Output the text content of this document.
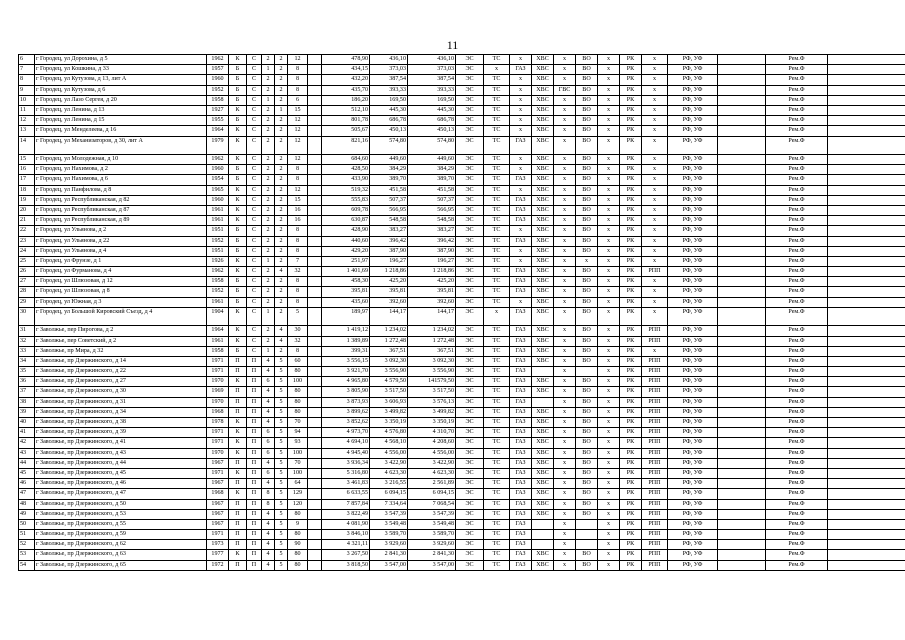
11
6	г Городец, ул Дорохина, д 5	1962	К	С	2	2	12		478,90	436,10	436,10	ЭС	ТС	х	ХВС	х	ВО	х	РК	х	РФ, УФ		Рем.Ф	
7	г Городец, ул Кошкина, д 33	1957	Б	С	1	2	8		434,15	373,03	373,03	ЭС	х	ГАЗ	ХВС	х	ВО	х	РК	х	РФ, УФ		Рем.Ф	
8	г Городец, ул Кутузова, д 13, лит А	1960	Б	С	2	2	8		432,20	387,54	387,54	ЭС	ТС	х	ХВС	х	ВО	х	РК	х	РФ, УФ		Рем.Ф	
9	г Городец, ул Кутузова, д 6	1952	Б	С	2	2	8		435,70	393,33	393,33	ЭС	ТС	х	ХВС	ГВС	ВО	х	РК	х	РФ, УФ		Рем.Ф	
10	г Городец, ул Лазо Сергея, д 20	1958	Б	С	1	2	6		186,20	169,50	169,50	ЭС	ТС	х	ХВС	х	ВО	х	РК	х	РФ, УФ		Рем.Ф	
11	г Городец, ул Ленина, д 13	1927	К	С	2	1	15		512,10	445,30	445,30	ЭС	ТС	х	ХВС	х	ВО	х	РК	х	РФ, УФ		Рем.Ф	
12	г Городец, ул Ленина, д 15	1955	Б	С	2	2	12		801,78	686,78	686,78	ЭС	ТС	х	ХВС	х	ВО	х	РК	х	РФ, УФ		Рем.Ф	
13	г Городец, ул Менделеева, д 16	1964	К	С	2	2	12		505,67	450,13	450,13	ЭС	ТС	х	ХВС	х	ВО	х	РК	х	РФ, УФ		Рем.Ф	
14	г Городец, ул Механизаторов, д 30, лит А	1979	К	С	2	2	12		821,16	574,80	574,80	ЭС	ТС	ГАЗ	ХВС	х	ВО	х	РК	х	РФ, УФ		Рем.Ф	
15	г Городец, ул Молодежная, д 10	1962	К	С	2	2	12		684,60	449,60	449,60	ЭС	ТС	х	ХВС	х	ВО	х	РК	х	РФ, УФ		Рем.Ф	
16	г Городец, ул Нахимова, д 2	1960	Б	С	2	2	8		428,50	384,29	384,29	ЭС	ТС	х	ХВС	х	ВО	х	РК	х	РФ, УФ		Рем.Ф	
17	г Городец, ул Нахимова, д 6	1954	Б	С	2	2	8		433,90	389,70	389,70	ЭС	ТС	ГАЗ	ХВС	х	ВО	х	РК	х	РФ, УФ		Рем.Ф	
18	г Городец, ул Панфилова, д 8	1965	К	С	2	2	12		519,32	451,58	451,58	ЭС	ТС	х	ХВС	х	ВО	х	РК	х	РФ, УФ		Рем.Ф	
19	г Городец, ул Республиканская, д 82	1960	К	С	2	2	15		555,83	507,37	507,37	ЭС	ТС	ГАЗ	ХВС	х	ВО	х	РК	х	РФ, УФ		Рем.Ф	
20	г Городец, ул Республиканская, д 87	1961	К	С	2	2	16		609,78	566,95	566,95	ЭС	ТС	ГАЗ	ХВС	х	ВО	х	РК	х	РФ, УФ		Рем.Ф	
21	г Городец, ул Республиканская, д 89	1961	К	С	2	2	16		630,87	548,58	548,58	ЭС	ТС	ГАЗ	ХВС	х	ВО	х	РК	х	РФ, УФ		Рем.Ф	
22	г Городец, ул Ульянова, д 2	1951	Б	С	2	2	8		428,90	383,27	383,27	ЭС	ТС	х	ХВС	х	ВО	х	РК	х	РФ, УФ		Рем.Ф	
23	г Городец, ул Ульянова, д 22	1952	Б	С	2	2	8		440,60	396,42	396,42	ЭС	ТС	ГАЗ	ХВС	х	ВО	х	РК	х	РФ, УФ		Рем.Ф	
24	г Городец, ул Ульянова, д 4	1951	Б	С	2	2	8		429,20	387,90	387,90	ЭС	ТС	х	ХВС	х	ВО	х	РК	х	РФ, УФ		Рем.Ф	
25	г Городец, ул Фрунзе, д 1	1926	К	С	1	2	7		251,97	196,27	196,27	ЭС	ТС	х	ХВС	х	х	х	РК	х	РФ, УФ		Рем.Ф	
26	г Городец, ул Фурманова, д 4	1962	К	С	2	4	32		1 401,69	1 218,86	1 218,86	ЭС	ТС	ГАЗ	ХВС	х	ВО	х	РК	РПП	РФ, УФ		Рем.Ф	
27	г Городец, ул Шлюзовая, д 12	1958	Б	С	2	2	8		458,30	425,20	425,20	ЭС	ТС	ГАЗ	ХВС	х	ВО	х	РК	х	РФ, УФ		Рем.Ф	
28	г Городец, ул Шлюзовая, д 8	1952	Б	С	2	2	8		395,81	395,81	395,81	ЭС	ТС	ГАЗ	ХВС	х	ВО	х	РК	х	РФ, УФ		Рем.Ф	
29	г Городец, ул Южная, д 3	1961	Б	С	2	2	8		435,60	392,60	392,60	ЭС	ТС	х	ХВС	х	ВО	х	РК	х	РФ, УФ		Рем.Ф	
30	г Городец, ул Большой Кировский Съезд, д 4	1904	К	С	1	2	5		189,97	144,17	144,17	ЭС	х	ГАЗ	ХВС	х	ВО	х	РК	х	РФ, УФ		Рем.Ф	
31	г Заволжье, пер Пирогова, д 2	1964	К	С	2	4	30		1 419,12	1 234,02	1 234,02	ЭС	ТС	ГАЗ	ХВС	х	ВО	х	РК	РПП	РФ, УФ		Рем.Ф	
32	г Заволжье, пер Советский, д 2	1961	К	С	2	4	32		1 389,89	1 272,48	1 272,48	ЭС	ТС	ГАЗ	ХВС	х	ВО	х	РК	РПП	РФ, УФ		Рем.Ф	
33	г Заволжье, пр Мира, д 32	1958	Б	С	1	2	8		399,31	367,51	367,51	ЭС	ТС	ГАЗ	ХВС	х	ВО	х	РК	х	РФ, УФ		Рем.Ф	
34	г Заволжье, пр Дзержинского, д 14	1971	П	П	4	5	60		3 556,15	3 092,30	3 092,30	ЭС	ТС	ГАЗ	ХВС	х	ВО	х	РК	РПП	РФ, УФ		Рем.Ф	
35	г Заволжье, пр Дзержинского, д 22	1971	П	П	4	5	80		3 921,70	3 556,90	3 556,90	ЭС	ТС	ГАЗ		х		х	РК	РПП	РФ, УФ		Рем.Ф	
36	г Заволжье, пр Дзержинского, д 27	1970	К	П	6	5	100		4 965,80	4 579,50	141579,50	ЭС	ТС	ГАЗ	ХВС	х	ВО	х	РК	РПП	РФ, УФ		Рем.Ф	
37	г Заволжье, пр Дзержинского, д 30	1969	П	П	4	5	80		3 805,90	3 517,50	3 517,50	ЭС	ТС	ГАЗ	ХВС	х	ВО	х	РК	РПП	РФ, УФ		Рем.Ф	
38	г Заволжье, пр Дзержинского, д 31	1970	П	П	4	5	80		3 873,93	3 606,93	3 576,13	ЭС	ТС	ГАЗ		х	ВО	х	РК	РПП	РФ, УФ		Рем.Ф	
39	г Заволжье, пр Дзержинского, д 34	1968	П	П	4	5	80		3 899,62	3 499,82	3 499,82	ЭС	ТС	ГАЗ	ХВС	х	ВО	х	РК	РПП	РФ, УФ		Рем.Ф	
40	г Заволжье, пр Дзержинского, д 38	1978	К	П	4	5	70		3 852,62	3 350,19	3 350,19	ЭС	ТС	ГАЗ	ХВС	х	ВО	х	РК	РПП	РФ, УФ		Рем.Ф	
41	г Заволжье, пр Дзержинского, д 39	1971	К	П	6	5	94		4 973,70	4 576,80	4 310,70	ЭС	ТС	ГАЗ	ХВС	х	ВО	х	РК	РПП	РФ, УФ		Рем.Ф	
42	г Заволжье, пр Дзержинского, д 41	1971	К	П	6	5	93		4 694,10	4 568,10	4 208,60	ЭС	ТС	ГАЗ	ХВС	х	ВО	х	РК	РПП	РФ, УФ		Рем.Ф	
43	г Заволжье, пр Дзержинского, д 43	1970	К	П	6	5	100		4 945,40	4 556,00	4 556,00	ЭС	ТС	ГАЗ	ХВС	х	ВО	х	РК	РПП	РФ, УФ		Рем.Ф	
44	г Заволжье, пр Дзержинского, д 44	1967	П	П	4	5	70		3 936,34	3 422,90	3 422,90	ЭС	ТС	ГАЗ	ХВС	х	ВО	х	РК	РПП	РФ, УФ		Рем.Ф	
45	г Заволжье, пр Дзержинского, д 45	1971	К	П	6	5	100		5 316,80	4 623,30	4 623,30	ЭС	ТС	ГАЗ	ХВС	х	ВО	х	РК	РПП	РФ, УФ		Рем.Ф	
46	г Заволжье, пр Дзержинского, д 46	1967	П	П	4	5	64		3 461,83	3 216,55	2 561,89	ЭС	ТС	ГАЗ	ХВС	х	ВО	х	РК	РПП	РФ, УФ		Рем.Ф	
47	г Заволжье, пр Дзержинского, д 47	1968	К	П	8	5	129		6 633,55	6 094,15	6 094,15	ЭС	ТС	ГАЗ	ХВС	х	ВО	х	РК	РПП	РФ, УФ		Рем.Ф	
48	г Заволжье, пр Дзержинского, д 50	1967	П	П	8	5	120		7 857,84	7 334,64	7 068,54	ЭС	ТС	ГАЗ	ХВС	х	ВО	х	РК	РПП	РФ, УФ		Рем.Ф	
49	г Заволжье, пр Дзержинского, д 53	1967	П	П	4	5	80		3 822,49	3 547,39	3 547,39	ЭС	ТС	ГАЗ	ХВС	х	ВО	х	РК	РПП	РФ, УФ		Рем.Ф	
50	г Заволжье, пр Дзержинского, д 55	1967	П	П	4	5	9		4 081,90	3 549,48	3 549,48	ЭС	ТС	ГАЗ		х		х	РК	РПП	РФ, УФ		Рем.Ф	
51	г Заволжье, пр Дзержинского, д 59	1971	П	П	4	5	80		3 846,10	3 589,70	3 589,70	ЭС	ТС	ГАЗ		х		х	РК	РПП	РФ, УФ		Рем.Ф	
52	г Заволжье, пр Дзержинского, д 62	1973	П	П	4	5	90		4 321,11	3 929,60	3 929,60	ЭС	ТС	ГАЗ		х		х	РК	РПП	РФ, УФ		Рем.Ф	
53	г Заволжье, пр Дзержинского, д 63	1977	К	П	4	5	80		3 267,50	2 841,30	2 841,30	ЭС	ТС	ГАЗ	ХВС	х	ВО	х	РК	РПП	РФ, УФ		Рем.Ф	
54	г Заволжье, пр Дзержинского, д 65	1972	П	П	4	5	80		3 818,50	3 547,00	3 547,00	ЭС	ТС	ГАЗ	ХВС	х	ВО	х	РК	РПП	РФ, УФ		Рем.Ф	
